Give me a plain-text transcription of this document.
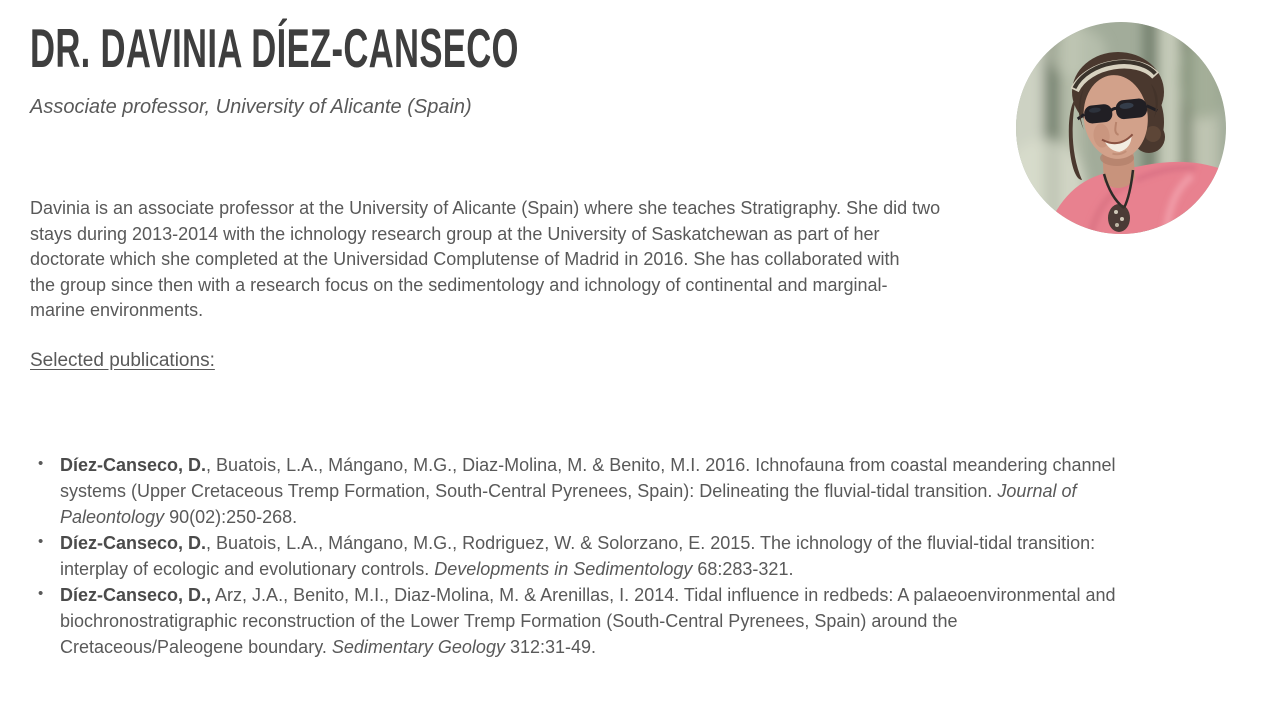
DR. DAVINIA DÍEZ-CANSECO
Associate professor, University of Alicante (Spain)
Davinia is an associate professor at the University of Alicante (Spain) where she teaches Stratigraphy. She did two
stays during 2013-2014 with the ichnology research group at the University of Saskatchewan as part of her
doctorate which she completed at the Universidad Complutense of Madrid in 2016. She has collaborated with
the group since then with a research focus on the sedimentology and ichnology of continental and marginal-
marine environments.
Selected publications:
• Díez-Canseco, D., Buatois, L.A., Mángano, M.G., Diaz-Molina, M. & Benito, M.I. 2016. Ichnofauna from coastal meandering channel
systems (Upper Cretaceous Tremp Formation, South-Central Pyrenees, Spain): Delineating the fluvial-tidal transition. Journal of
Paleontology 90(02):250-268.
• Díez-Canseco, D., Buatois, L.A., Mángano, M.G., Rodriguez, W. & Solorzano, E. 2015. The ichnology of the fluvial-tidal transition:
interplay of ecologic and evolutionary controls. Developments in Sedimentology 68:283-321.
• Díez-Canseco, D., Arz, J.A., Benito, M.I., Diaz-Molina, M. & Arenillas, I. 2014. Tidal influence in redbeds: A palaeoenvironmental and
biochronostratigraphic reconstruction of the Lower Tremp Formation (South-Central Pyrenees, Spain) around the
Cretaceous/Paleogene boundary. Sedimentary Geology 312:31-49.
